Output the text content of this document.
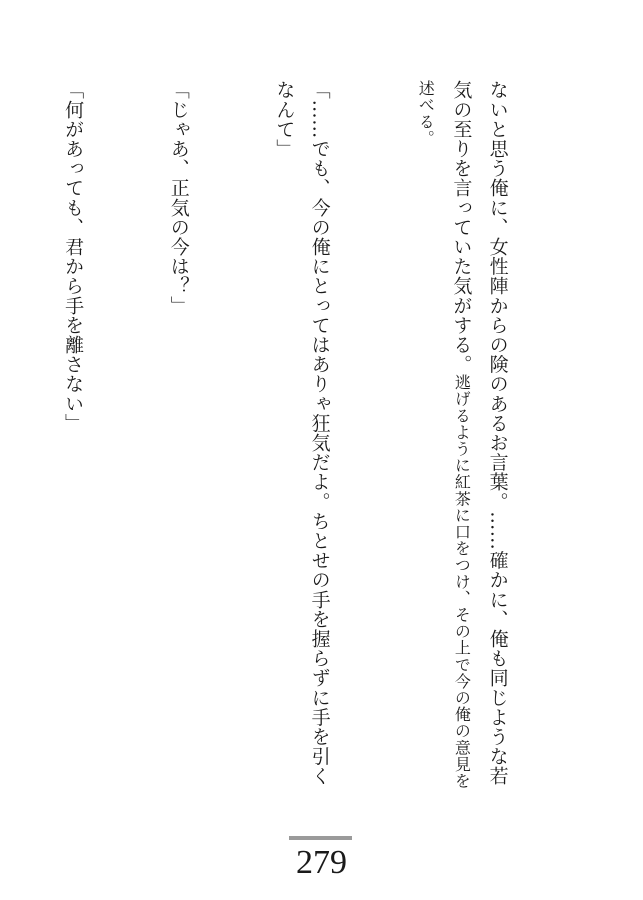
ないと思う俺に、女性陣からの険のあるお言葉。……確かに、俺も同じような若気の至りを言っていた気がする。逃げるように紅茶に口をつけ、その上で今の俺の意見を述べる。

「……でも、今の俺にとってはありゃ狂気だよ。ちとせの手を握らずに手を引くなんて」

「じゃあ、正気の今は？」

「何があっても、君から手を離さない」

279
